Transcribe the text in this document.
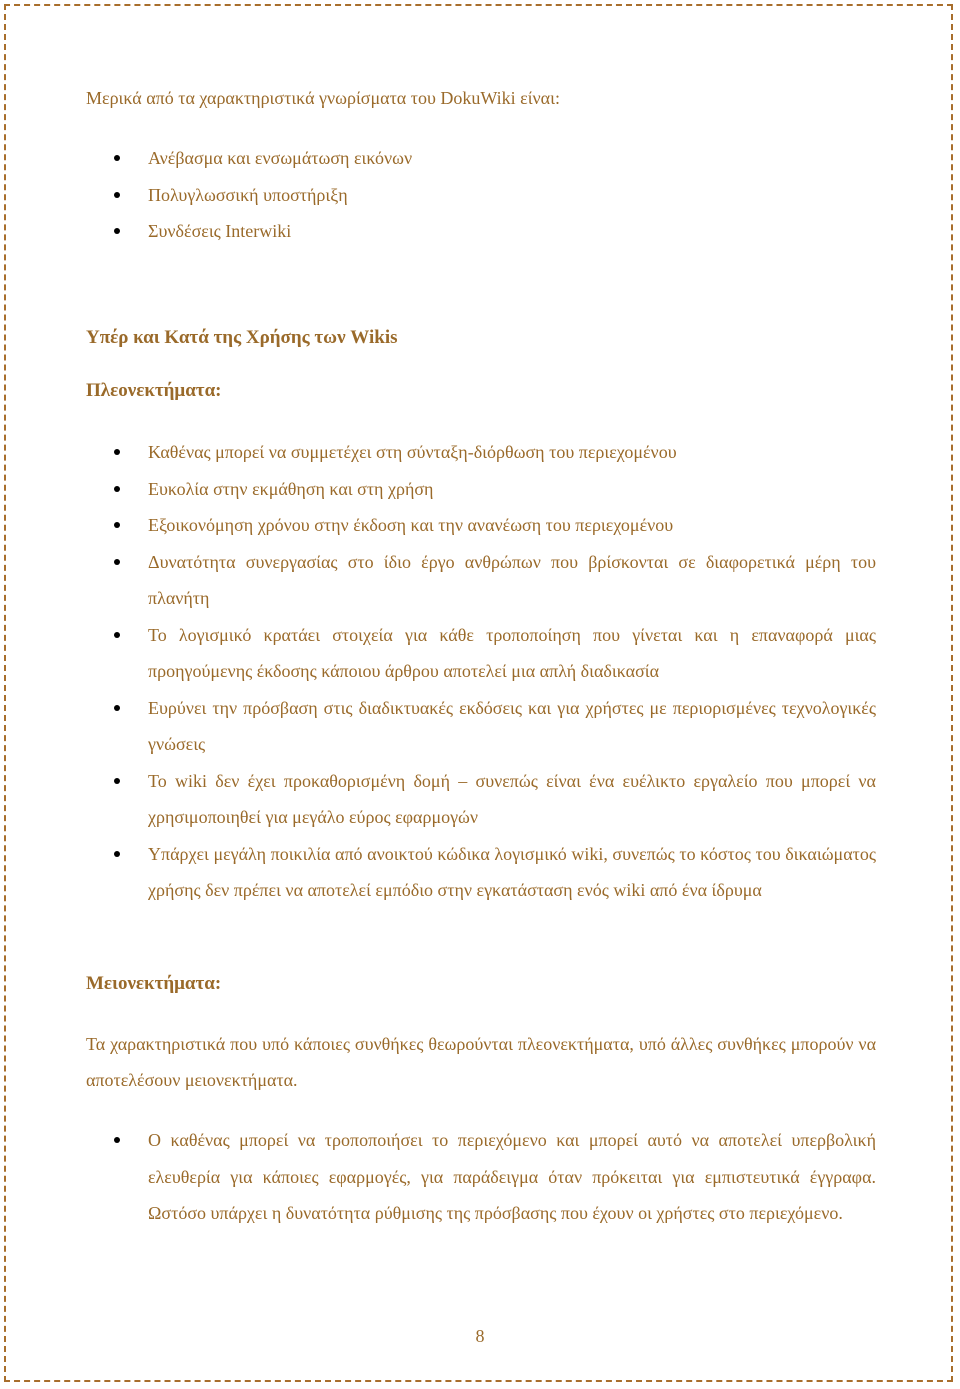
Μερικά από τα χαρακτηριστικά γνωρίσματα του DokuWiki είναι:

Ανέβασμα και ενσωμάτωση εικόνων
Πολυγλωσσική υποστήριξη
Συνδέσεις Interwiki
Υπέρ και Κατά της Χρήσης των Wikis
Πλεονεκτήματα:
Καθένας μπορεί να συμμετέχει στη σύνταξη-διόρθωση του περιεχομένου
Ευκολία στην εκμάθηση και στη χρήση
Εξοικονόμηση χρόνου στην έκδοση και την ανανέωση του περιεχομένου
Δυνατότητα συνεργασίας στο ίδιο έργο ανθρώπων που βρίσκονται σε διαφορετικά μέρη του πλανήτη
Το λογισμικό κρατάει στοιχεία για κάθε τροποποίηση που γίνεται και η επαναφορά μιας προηγούμενης έκδοσης κάποιου άρθρου αποτελεί μια απλή διαδικασία
Ευρύνει την πρόσβαση στις διαδικτυακές εκδόσεις και για χρήστες με περιορισμένες τεχνολογικές γνώσεις
Το wiki δεν έχει προκαθορισμένη δομή – συνεπώς είναι ένα ευέλικτο εργαλείο που μπορεί να χρησιμοποιηθεί για μεγάλο εύρος εφαρμογών
Υπάρχει μεγάλη ποικιλία από ανοικτού κώδικα λογισμικό wiki, συνεπώς το κόστος του δικαιώματος χρήσης δεν πρέπει να αποτελεί εμπόδιο στην εγκατάσταση ενός wiki από ένα ίδρυμα
Μειονεκτήματα:

Τα χαρακτηριστικά που υπό κάποιες συνθήκες θεωρούνται πλεονεκτήματα, υπό άλλες συνθήκες μπορούν να αποτελέσουν μειονεκτήματα.

Ο καθένας μπορεί να τροποποιήσει το περιεχόμενο και μπορεί αυτό να αποτελεί υπερβολική ελευθερία για κάποιες εφαρμογές, για παράδειγμα όταν πρόκειται για εμπιστευτικά έγγραφα. Ωστόσο υπάρχει η δυνατότητα ρύθμισης της πρόσβασης που έχουν οι χρήστες στο περιεχόμενο.
8
